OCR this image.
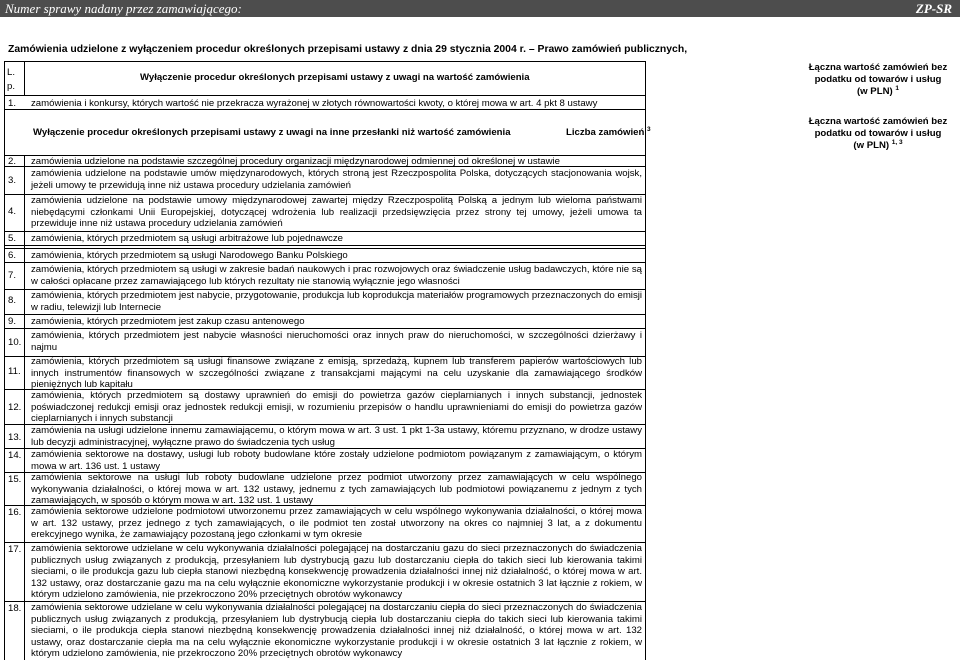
Numer sprawy nadany przez zamawiającego:	ZP-SR
Zamówienia udzielone z wyłączeniem procedur określonych przepisami ustawy z dnia 29 stycznia 2004 r. – Prawo zamówień publicznych,
L. p.
Wyłączenie procedur określonych przepisami ustawy z uwagi na wartość zamówienia
Łączna wartość zamówień bez podatku od towarów i usług (w PLN) $^1$
1. zamówienia i konkursy, których wartość nie przekracza wyrażonej w złotych równowartości kwoty, o której mowa w art. 4 pkt 8 ustawy
Wyłączenie procedur określonych przepisami ustawy z uwagi na inne przesłanki niż wartość zamówienia	Liczba zamówień $^3$
Łączna wartość zamówień bez podatku od towarów i usług (w PLN) $^{1, 3}$
2. zamówienia udzielone na podstawie szczególnej procedury organizacji międzynarodowej odmiennej od określonej w ustawie
3.
zamówienia udzielone na podstawie umów międzynarodowych, których stroną jest Rzeczpospolita Polska, dotyczących stacjonowania wojsk, jeżeli umowy te przewidują inne niż ustawa procedury udzielania zamówień
4.
zamówienia udzielone na podstawie umowy międzynarodowej zawartej między Rzeczpospolitą Polską a jednym lub wieloma państwami niebędącymi członkami Unii Europejskiej, dotyczącej wdrożenia lub realizacji przedsięwzięcia przez strony tej umowy, jeżeli umowa ta przewiduje inne niż ustawa procedury udzielania zamówień
5. zamówienia, których przedmiotem są usługi arbitrażowe lub pojednawcze
6. zamówienia, których przedmiotem są usługi Narodowego Banku Polskiego
7.
zamówienia, których przedmiotem są usługi w zakresie badań naukowych i prac rozwojowych oraz świadczenie usług badawczych, które nie są w całości opłacane przez zamawiającego lub których rezultaty nie stanowią wyłącznie jego własności
8. zamówienia, których przedmiotem jest nabycie, przygotowanie, produkcja lub koprodukcja materiałów programowych przeznaczonych do emisji w radiu, telewizji lub Internecie
9. zamówienia, których przedmiotem jest zakup czasu antenowego
10.
zamówienia, których przedmiotem jest nabycie własności nieruchomości oraz innych praw do nieruchomości, w szczególności dzierżawy i najmu
11.
zamówienia, których przedmiotem są usługi finansowe związane z emisją, sprzedażą, kupnem lub transferem papierów wartościowych lub innych instrumentów finansowych w szczególności związane z transakcjami mającymi na celu uzyskanie dla zamawiającego środków pieniężnych lub kapitału
12.
zamówienia, których przedmiotem są dostawy uprawnień do emisji do powietrza gazów cieplarnianych i innych substancji, jednostek poświadczonej redukcji emisji oraz jednostek redukcji emisji, w rozumieniu przepisów o handlu uprawnieniami do emisji do powietrza gazów cieplarnianych i innych substancji
13.
zamówienia na usługi udzielone innemu zamawiającemu, o którym mowa w art. 3 ust. 1 pkt 1-3a ustawy, któremu przyznano, w drodze ustawy lub decyzji administracyjnej, wyłączne prawo do świadczenia tych usług
14. zamówienia sektorowe na dostawy, usługi lub roboty budowlane które zostały udzielone podmiotom powiązanym z zamawiającym, o którym mowa w art. 136 ust. 1 ustawy
15. zamówienia sektorowe na usługi lub roboty budowlane udzielone przez podmiot utworzony przez zamawiających w celu wspólnego wykonywania działalności, o której mowa w art. 132 ustawy, jednemu z tych zamawiających lub podmiotowi powiązanemu z jednym z tych zamawiających, w sposób o którym mowa w art. 132 ust. 1 ustawy
16. zamówienia sektorowe udzielone podmiotowi utworzonemu przez zamawiających w celu wspólnego wykonywania działalności, o której mowa w art. 132 ustawy, przez jednego z tych zamawiających, o ile podmiot ten został utworzony na okres co najmniej 3 lat, a z dokumentu erekcyjnego wynika, że zamawiający pozostaną jego członkami w tym okresie
17. zamówienia sektorowe udzielane w celu wykonywania działalności polegającej na dostarczaniu gazu do sieci przeznaczonych do świadczenia publicznych usług związanych z produkcją, przesyłaniem lub dystrybucją gazu lub dostarczaniu ciepła do takich sieci lub kierowania takimi sieciami, o ile produkcja gazu lub ciepła stanowi niezbędną konsekwencję prowadzenia działalności innej niż działalność, o której mowa w art. 132 ustawy, oraz dostarczanie gazu ma na celu wyłącznie ekonomiczne wykorzystanie produkcji i w okresie ostatnich 3 lat łącznie z rokiem, w którym udzielono zamówienia, nie przekroczono 20% przeciętnych obrotów wykonawcy
18. zamówienia sektorowe udzielane w celu wykonywania działalności polegającej na dostarczaniu ciepła do sieci przeznaczonych do świadczenia publicznych usług związanych z produkcją, przesyłaniem lub dystrybucją ciepła lub dostarczaniu ciepła do takich sieci lub kierowania takimi sieciami, o ile produkcja ciepła stanowi niezbędną konsekwencję prowadzenia działalności innej niż działalność, o której mowa w art. 132 ustawy, oraz dostarczanie ciepła ma na celu wyłącznie ekonomiczne wykorzystanie produkcji i w okresie ostatnich 3 lat łącznie z rokiem, w którym udzielono zamówienia, nie przekroczono 20% przeciętnych obrotów wykonawcy
